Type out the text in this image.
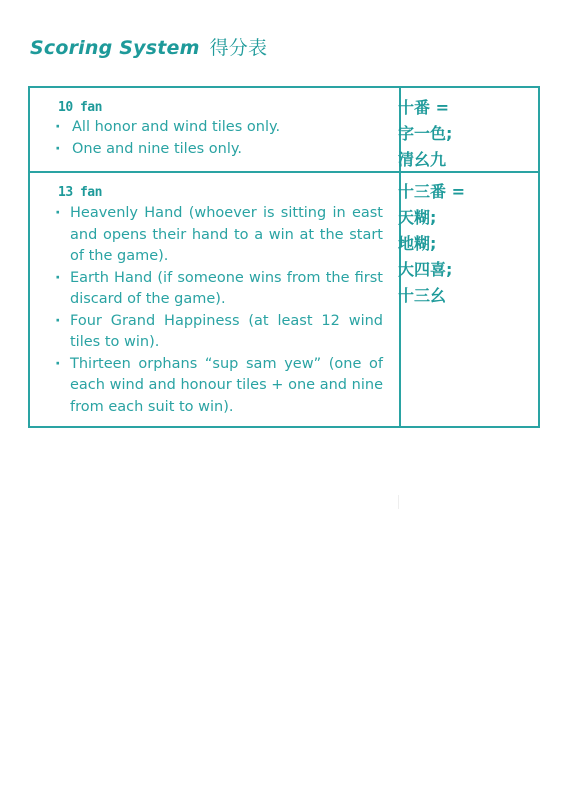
Scoring System 得分表
10 fan
· All honor and wind tiles only.
· One and nine tiles only.
13 fan
· Heavenly Hand (whoever is sitting in east and opens their hand to a win at the start of the game).
· Earth Hand (if someone wins from the first discard of the game).
· Four Grand Happiness (at least 12 wind tiles to win).
· Thirteen orphans “sup sam yew” (one of each wind and honour tiles + one and nine from each suit to win).
十番 =
字一色;
清幺九
十三番 =
天糊;
地糊;
大四喜;
十三幺
